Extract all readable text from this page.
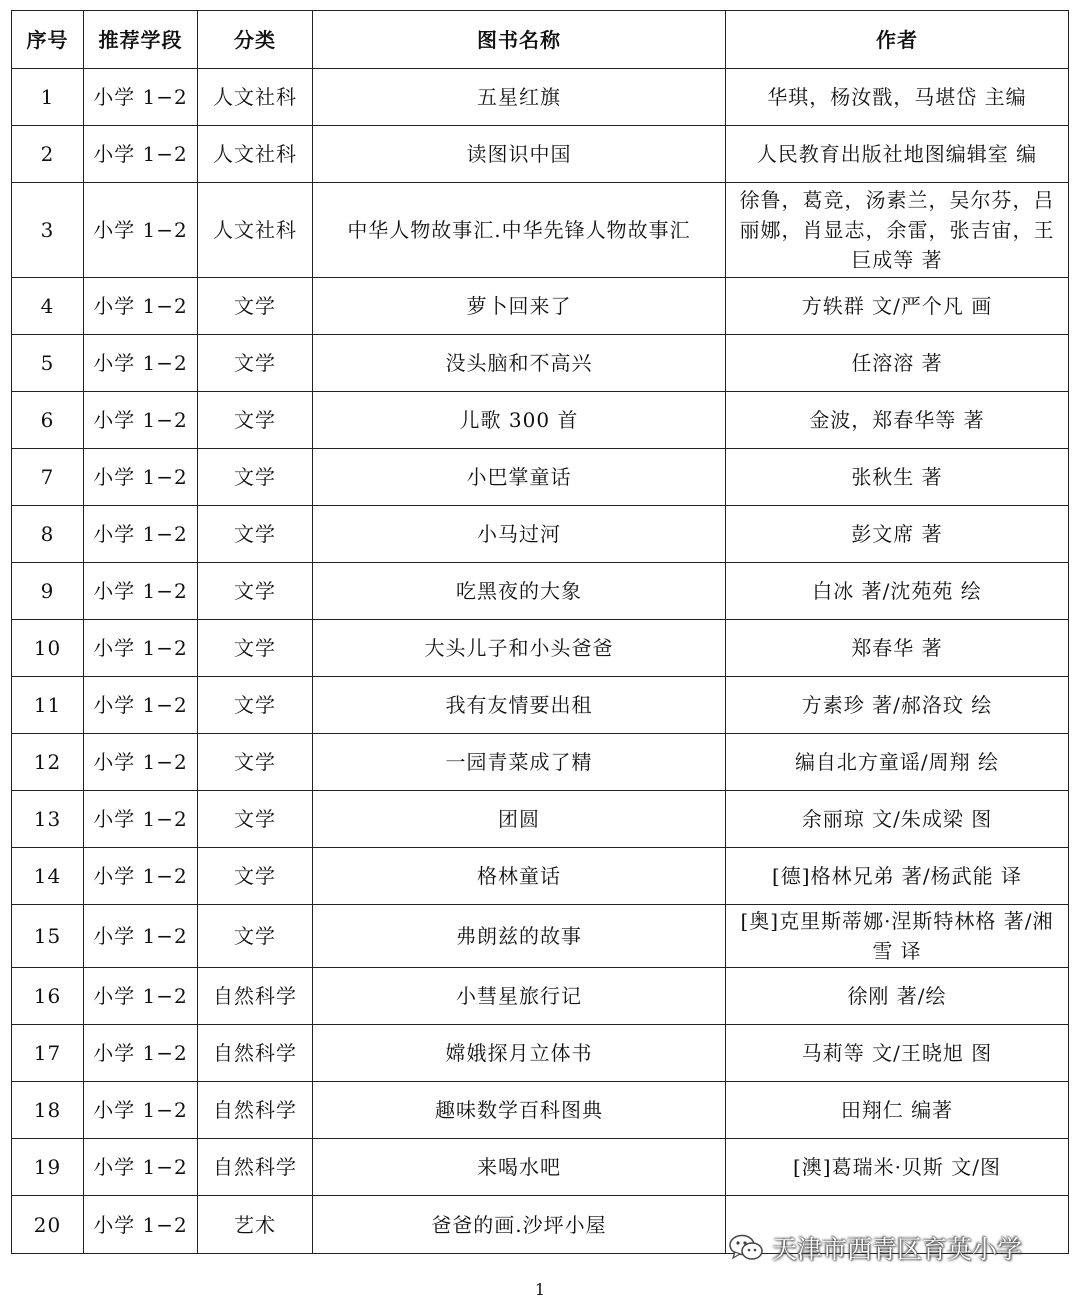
序号	推荐学段	分类	图书名称	作者
1	小学 1−2	人文社科	五星红旗	华琪，杨汝戬，马堪岱 主编
2	小学 1−2	人文社科	读图识中国	人民教育出版社地图编辑室 编
3	小学 1−2	人文社科	中华人物故事汇.中华先锋人物故事汇	徐鲁，葛竞，汤素兰，吴尔芬，吕丽娜，肖显志，余雷，张吉宙，王巨成等 著
4	小学 1−2	文学	萝卜回来了	方轶群 文/严个凡 画
5	小学 1−2	文学	没头脑和不高兴	任溶溶 著
6	小学 1−2	文学	儿歌 300 首	金波，郑春华等 著
7	小学 1−2	文学	小巴掌童话	张秋生 著
8	小学 1−2	文学	小马过河	彭文席 著
9	小学 1−2	文学	吃黑夜的大象	白冰 著/沈苑苑 绘
10	小学 1−2	文学	大头儿子和小头爸爸	郑春华 著
11	小学 1−2	文学	我有友情要出租	方素珍 著/郝洛玟 绘
12	小学 1−2	文学	一园青菜成了精	编自北方童谣/周翔 绘
13	小学 1−2	文学	团圆	余丽琼 文/朱成梁 图
14	小学 1−2	文学	格林童话	[德]格林兄弟 著/杨武能 译
15	小学 1−2	文学	弗朗兹的故事	[奥]克里斯蒂娜·涅斯特林格 著/湘雪 译
16	小学 1−2	自然科学	小彗星旅行记	徐刚 著/绘
17	小学 1−2	自然科学	嫦娥探月立体书	马莉等 文/王晓旭 图
18	小学 1−2	自然科学	趣味数学百科图典	田翔仁 编著
19	小学 1−2	自然科学	来喝水吧	[澳]葛瑞米·贝斯 文/图
20	小学 1−2	艺术	爸爸的画.沙坪小屋	
天津市西青区育英小学
1
